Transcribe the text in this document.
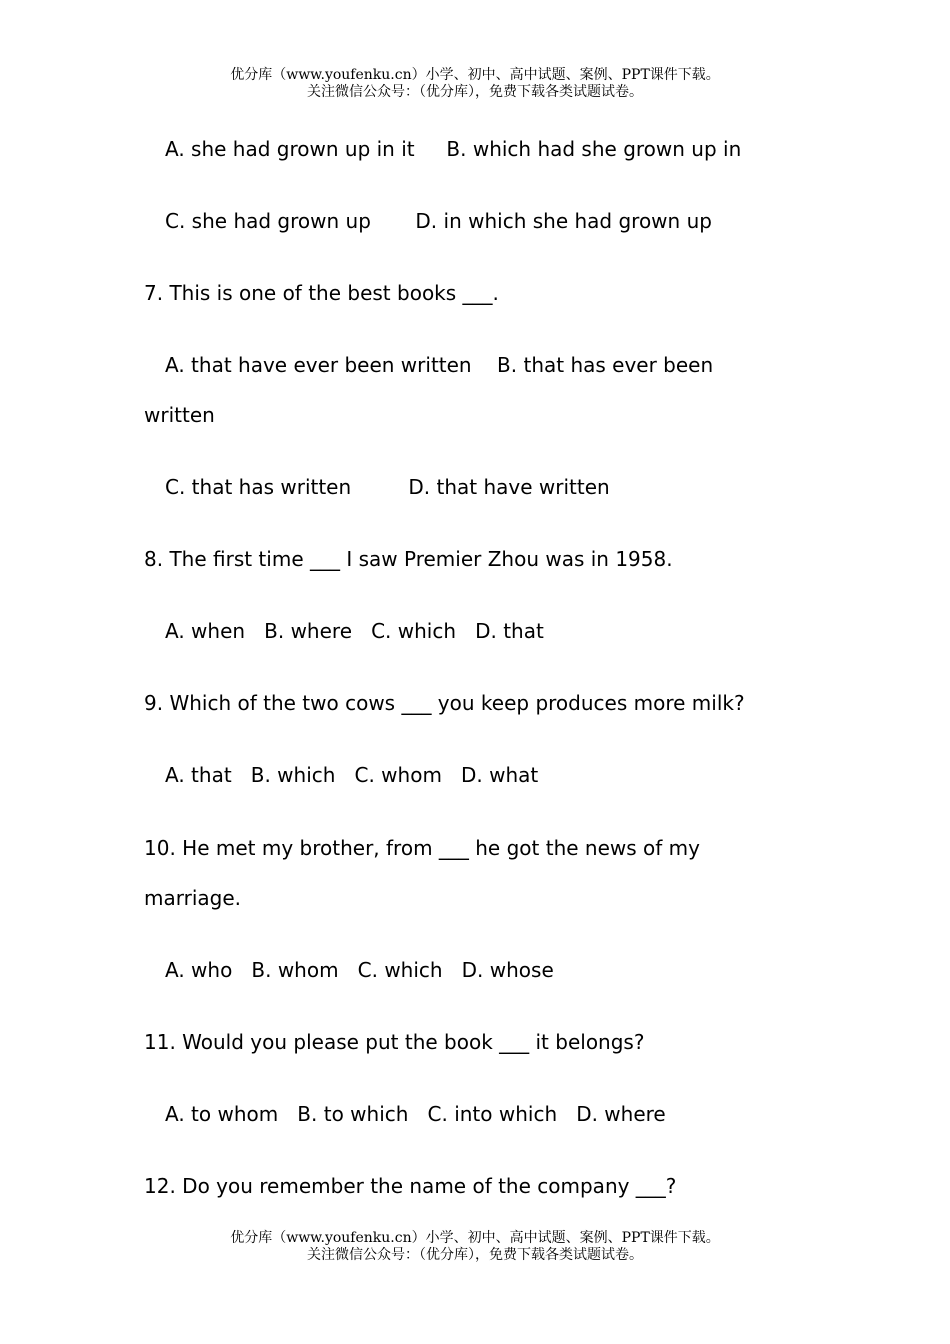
优分库（www.youfenku.cn）小学、初中、高中试题、案例、PPT课件下载。
关注微信公众号：（优分库），免费下载各类试题试卷。
A. she had grown up in it     B. which had she grown up in
C. she had grown up       D. in which she had grown up
7. This is one of the best books ___.
A. that have ever been written    B. that has ever been
written
C. that has written         D. that have written
8. The first time ___ I saw Premier Zhou was in 1958.
A. when   B. where   C. which   D. that
9. Which of the two cows ___ you keep produces more milk?
A. that   B. which   C. whom   D. what
10. He met my brother, from ___ he got the news of my
marriage.
A. who   B. whom   C. which   D. whose
11. Would you please put the book ___ it belongs?
A. to whom   B. to which   C. into which   D. where
12. Do you remember the name of the company ___?
优分库（www.youfenku.cn）小学、初中、高中试题、案例、PPT课件下载。
关注微信公众号：（优分库），免费下载各类试题试卷。
